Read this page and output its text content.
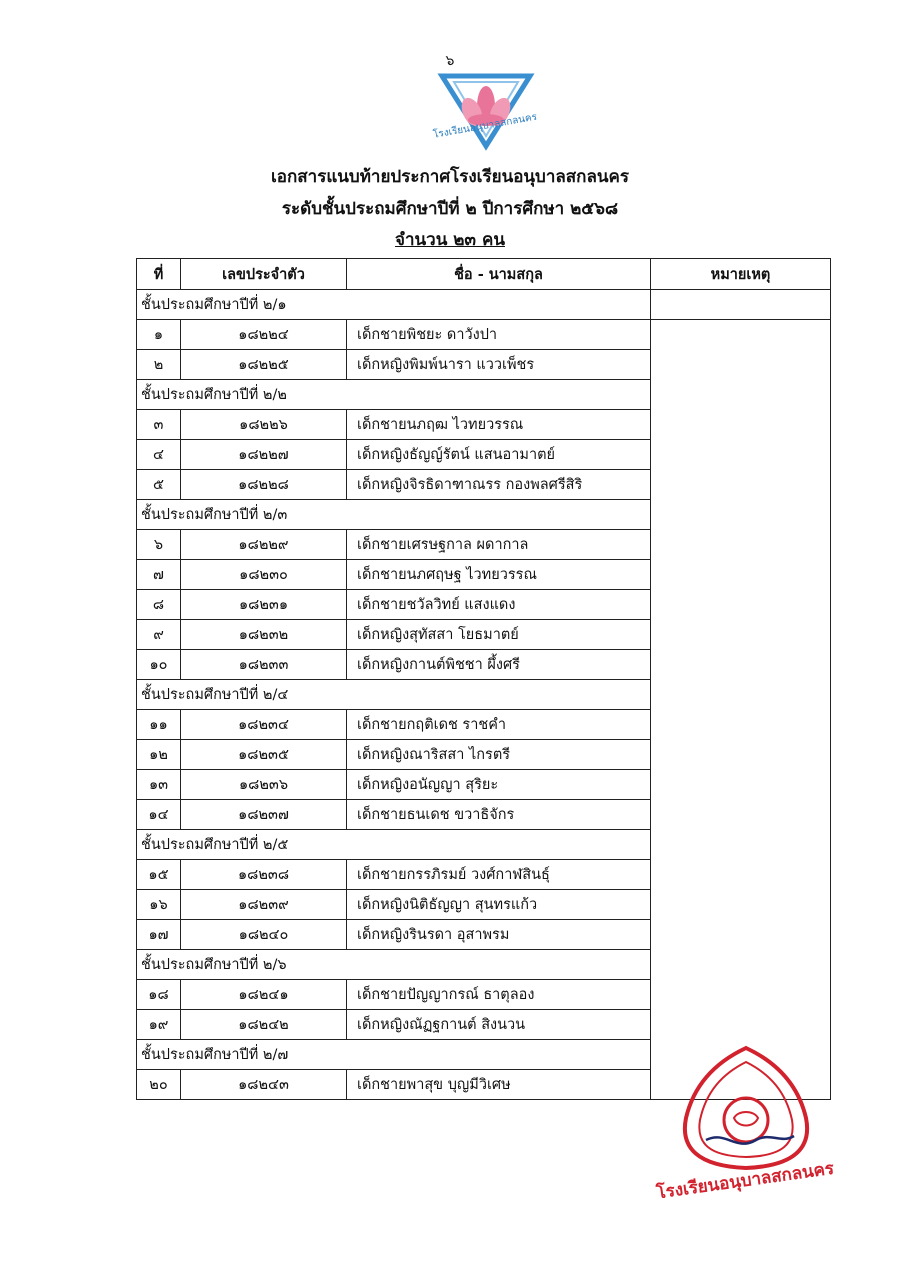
๖
โรงเรียนอนุบาลสกลนคร
เอกสารแนบท้ายประกาศโรงเรียนอนุบาลสกลนคร
ระดับชั้นประถมศึกษาปีที่ ๒ ปีการศึกษา ๒๕๖๘
จำนวน ๒๓ คน
ที่	เลขประจำตัว	ชื่อ - นามสกุล	หมายเหตุ
ชั้นประถมศึกษาปีที่ ๒/๑			
๑	๑๘๒๒๔	เด็กชายพิชยะ ดาวังปา	
๒	๑๘๒๒๕	เด็กหญิงพิมพ์นารา แววเพ็ชร	
ชั้นประถมศึกษาปีที่ ๒/๒			
๓	๑๘๒๒๖	เด็กชายนภฤฒ ไวทยวรรณ	
๔	๑๘๒๒๗	เด็กหญิงธัญญ์รัตน์ แสนอามาตย์	
๕	๑๘๒๒๘	เด็กหญิงจิรธิดาฑาณรร กองพลศรีสิริ	
ชั้นประถมศึกษาปีที่ ๒/๓			
๖	๑๘๒๒๙	เด็กชายเศรษฐกาล ผดากาล	
๗	๑๘๒๓๐	เด็กชายนภศฤษฐ ไวทยวรรณ	
๘	๑๘๒๓๑	เด็กชายชวัลวิทย์ แสงแดง	
๙	๑๘๒๓๒	เด็กหญิงสุทัสสา โยธมาตย์	
๑๐	๑๘๒๓๓	เด็กหญิงกานต์พิชชา ผึ้งศรี	
ชั้นประถมศึกษาปีที่ ๒/๔			
๑๑	๑๘๒๓๔	เด็กชายกฤติเดช ราชคำ	
๑๒	๑๘๒๓๕	เด็กหญิงณาริสสา ไกรตรี	
๑๓	๑๘๒๓๖	เด็กหญิงอนัญญา สุริยะ	
๑๔	๑๘๒๓๗	เด็กชายธนเดช ขวาธิจักร	
ชั้นประถมศึกษาปีที่ ๒/๕			
๑๕	๑๘๒๓๘	เด็กชายกรรภิรมย์ วงศ์กาฬสินธุ์	
๑๖	๑๘๒๓๙	เด็กหญิงนิติธัญญา สุนทรแก้ว	
๑๗	๑๘๒๔๐	เด็กหญิงรินรดา อุสาพรม	
ชั้นประถมศึกษาปีที่ ๒/๖			
๑๘	๑๘๒๔๑	เด็กชายปัญญากรณ์ ธาตุลอง	
๑๙	๑๘๒๔๒	เด็กหญิงณัฏฐกานต์ สิงนวน	
ชั้นประถมศึกษาปีที่ ๒/๗			
๒๐	๑๘๒๔๓	เด็กชายพาสุข บุญมีวิเศษ	
โรงเรียนอนุบาลสกลนคร
